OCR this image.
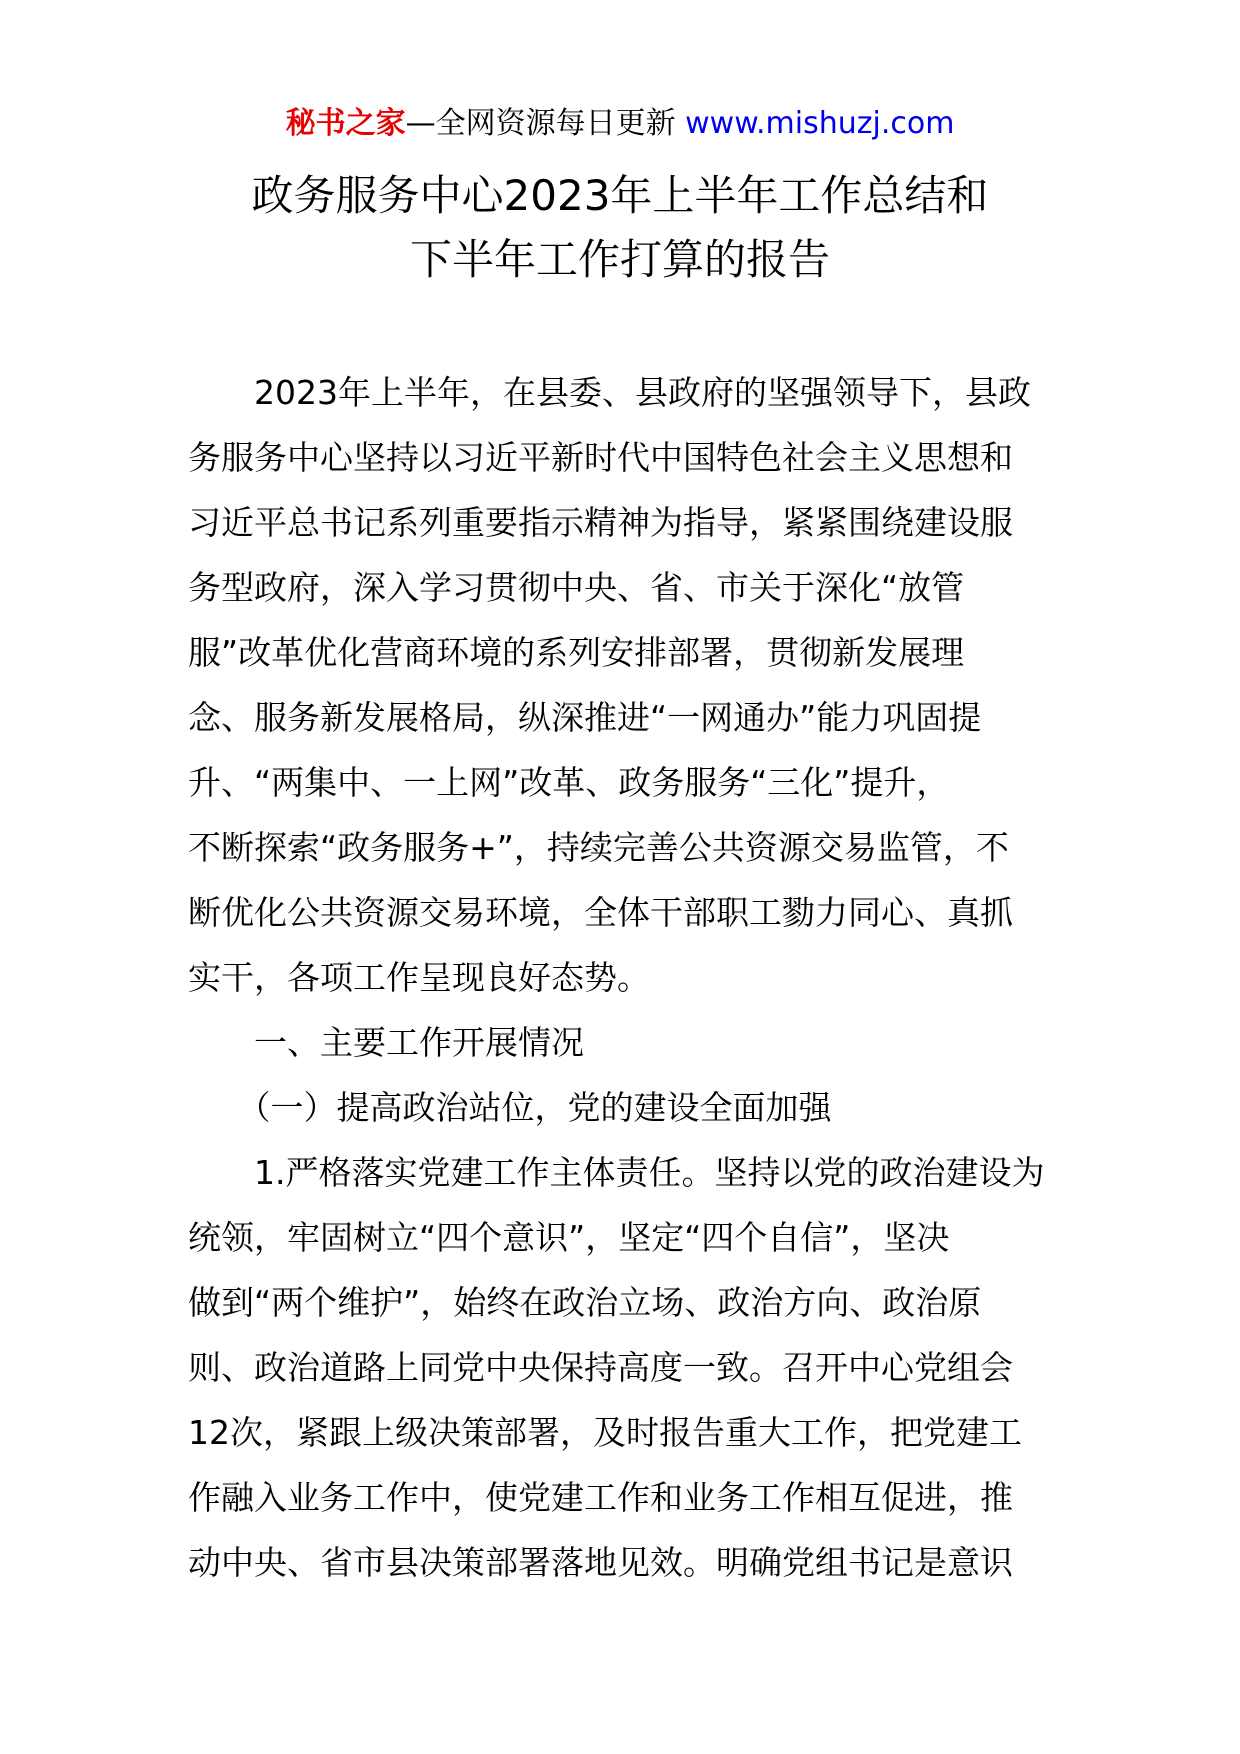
秘书之家—全网资源每日更新 www.mishuzj.com
政务服务中心2023年上半年工作总结和
下半年工作打算的报告
　　2023年上半年，在县委、县政府的坚强领导下，县政
务服务中心坚持以习近平新时代中国特色社会主义思想和
习近平总书记系列重要指示精神为指导，紧紧围绕建设服
务型政府，深入学习贯彻中央、省、市关于深化“放管
服”改革优化营商环境的系列安排部署，贯彻新发展理
念、服务新发展格局，纵深推进“一网通办”能力巩固提
升、“两集中、一上网”改革、政务服务“三化”提升，
不断探索“政务服务+”，持续完善公共资源交易监管，不
断优化公共资源交易环境，全体干部职工勠力同心、真抓
实干，各项工作呈现良好态势。
　　一、主要工作开展情况
　　（一）提高政治站位，党的建设全面加强
　　1.严格落实党建工作主体责任。坚持以党的政治建设为
统领，牢固树立“四个意识”，坚定“四个自信”，坚决
做到“两个维护”，始终在政治立场、政治方向、政治原
则、政治道路上同党中央保持高度一致。召开中心党组会
12次，紧跟上级决策部署，及时报告重大工作，把党建工
作融入业务工作中，使党建工作和业务工作相互促进，推
动中央、省市县决策部署落地见效。明确党组书记是意识
